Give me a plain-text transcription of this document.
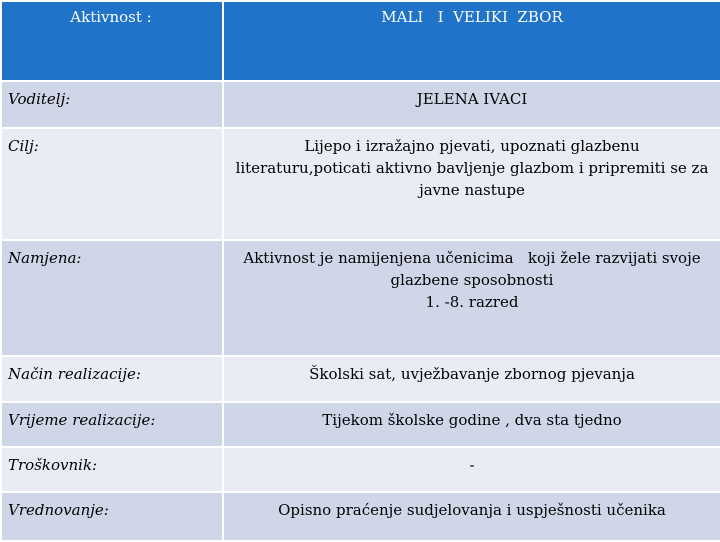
Aktivnost :	MALI   I  VELIKI  ZBOR
Voditelj:	JELENA IVACI
Cilj:	Lijepo i izražajno pjevati, upoznati glazbenu
literaturu,poticati aktivno bavljenje glazbom i pripremiti se za
javne nastupe

Namjena:	Aktivnost je namijenjena učenicima   koji žele razvijati svoje
glazbene sposobnosti
1. -8. razred

Način realizacije:	Školski sat, uvježbavanje zbornog pjevanja
Vrijeme realizacije:	Tijekom školske godine , dva sta tjedno
Troškovnik:	-
Vrednovanje:	Opisno praćenje sudjelovanja i uspješnosti učenika
